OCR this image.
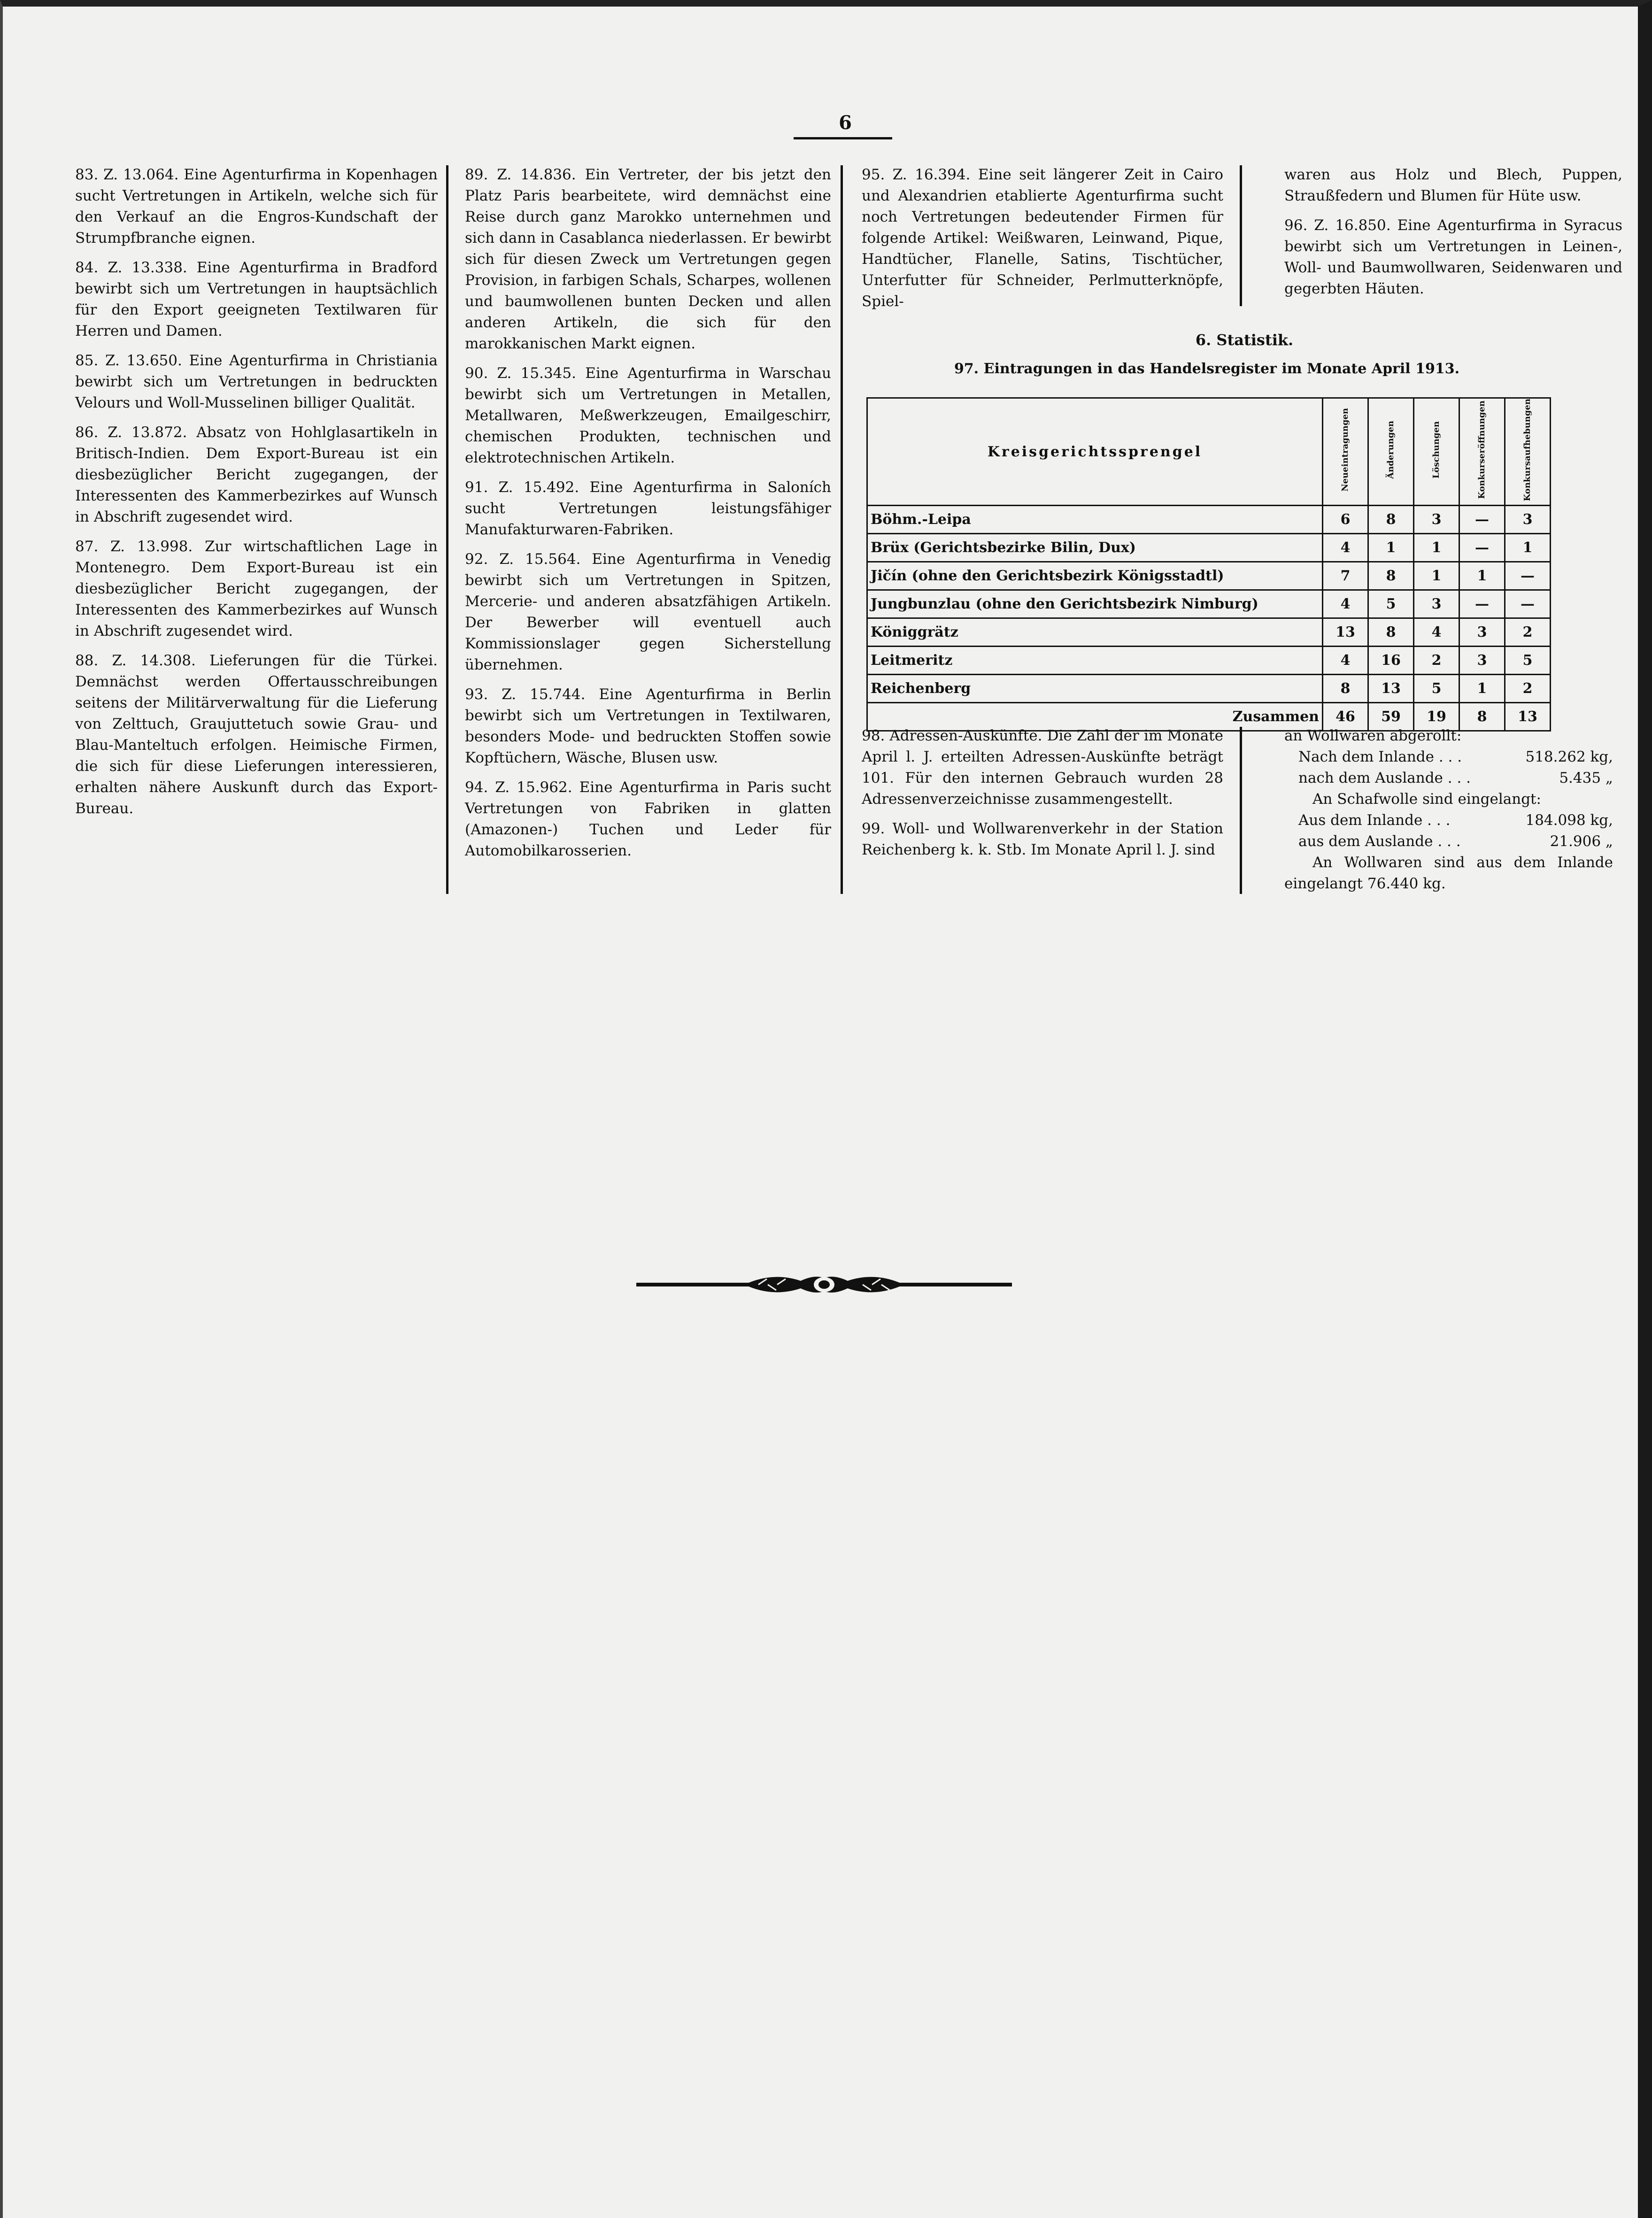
6

83. Z. 13.064. Eine Agenturfirma in Kopenhagen sucht Vertretungen in Artikeln, welche sich für den Verkauf an die Engros-Kundschaft der Strumpfbranche eignen.

84. Z. 13.338. Eine Agenturfirma in Bradford bewirbt sich um Vertretungen in hauptsächlich für den Export geeigneten Textilwaren für Herren und Damen.

85. Z. 13.650. Eine Agenturfirma in Christiania bewirbt sich um Vertretungen in bedruckten Velours und Woll-Musselinen billiger Qualität.

86. Z. 13.872. Absatz von Hohlglasartikeln in Britisch-Indien. Dem Export-Bureau ist ein diesbezüglicher Bericht zugegangen, der Interessenten des Kammerbezirkes auf Wunsch in Abschrift zugesendet wird.

87. Z. 13.998. Zur wirtschaftlichen Lage in Montenegro. Dem Export-Bureau ist ein diesbezüglicher Bericht zugegangen, der Interessenten des Kammerbezirkes auf Wunsch in Abschrift zugesendet wird.

88. Z. 14.308. Lieferungen für die Türkei. Demnächst werden Offertausschreibungen seitens der Militärverwaltung für die Lieferung von Zelttuch, Graujuttetuch sowie Grau- und Blau-Manteltuch erfolgen. Heimische Firmen, die sich für diese Lieferungen interessieren, erhalten nähere Auskunft durch das Export-Bureau.

89. Z. 14.836. Ein Vertreter, der bis jetzt den Platz Paris bearbeitete, wird demnächst eine Reise durch ganz Marokko unternehmen und sich dann in Casablanca niederlassen. Er bewirbt sich für diesen Zweck um Vertretungen gegen Provision, in farbigen Schals, Scharpes, wollenen und baumwollenen bunten Decken und allen anderen Artikeln, die sich für den marokkanischen Markt eignen.

90. Z. 15.345. Eine Agenturfirma in Warschau bewirbt sich um Vertretungen in Metallen, Metallwaren, Meßwerkzeugen, Emailgeschirr, chemischen Produkten, technischen und elektrotechnischen Artikeln.

91. Z. 15.492. Eine Agenturfirma in Saloních sucht Vertretungen leistungsfähiger Manufakturwaren-Fabriken.

92. Z. 15.564. Eine Agenturfirma in Venedig bewirbt sich um Vertretungen in Spitzen, Mercerie- und anderen absatzfähigen Artikeln. Der Bewerber will eventuell auch Kommissionslager gegen Sicherstellung übernehmen.

93. Z. 15.744. Eine Agenturfirma in Berlin bewirbt sich um Vertretungen in Textilwaren, besonders Mode- und bedruckten Stoffen sowie Kopftüchern, Wäsche, Blusen usw.

94. Z. 15.962. Eine Agenturfirma in Paris sucht Vertretungen von Fabriken in glatten (Amazonen-) Tuchen und Leder für Automobilkarosserien.

95. Z. 16.394. Eine seit längerer Zeit in Cairo und Alexandrien etablierte Agenturfirma sucht noch Vertretungen bedeutender Firmen für folgende Artikel: Weißwaren, Leinwand, Pique, Handtücher, Flanelle, Satins, Tischtücher, Unterfutter für Schneider, Perlmutterknöpfe, Spiel-

waren aus Holz und Blech, Puppen, Straußfedern und Blumen für Hüte usw.

96. Z. 16.850. Eine Agenturfirma in Syracus bewirbt sich um Vertretungen in Leinen-, Woll- und Baumwollwaren, Seidenwaren und gegerbten Häuten.

6. Statistik.
97. Eintragungen in das Handelsregister im Monate April 1913.
Kreisgerichtssprengel	Neueintragungen	Änderungen	Löschungen	Konkurseröffnungen	Konkursaufhebungen
Böhm.-Leipa	6	8	3	—	3
Brüx (Gerichtsbezirke Bilin, Dux)	4	1	1	—	1
Jičín (ohne den Gerichtsbezirk Königsstadtl)	7	8	1	1	—
Jungbunzlau (ohne den Gerichtsbezirk Nimburg)	4	5	3	—	—
Königgrätz	13	8	4	3	2
Leitmeritz	4	16	2	3	5
Reichenberg	8	13	5	1	2
Zusammen	46	59	19	8	13

98. Adressen-Auskünfte. Die Zahl der im Monate April l. J. erteilten Adressen-Auskünfte beträgt 101. Für den internen Gebrauch wurden 28 Adressenverzeichnisse zusammengestellt.

99. Woll- und Wollwarenverkehr in der Station Reichenberg k. k. Stb. Im Monate April l. J. sind

an Wollwaren abgerollt:
Nach dem Inlande . . .	518.262 kg,
nach dem Auslande . . .	5.435 „
An Schafwolle sind eingelangt:
Aus dem Inlande . . .	184.098 kg,
aus dem Auslande . . .	21.906 „
An Wollwaren sind aus dem Inlande eingelangt 76.440 kg.
